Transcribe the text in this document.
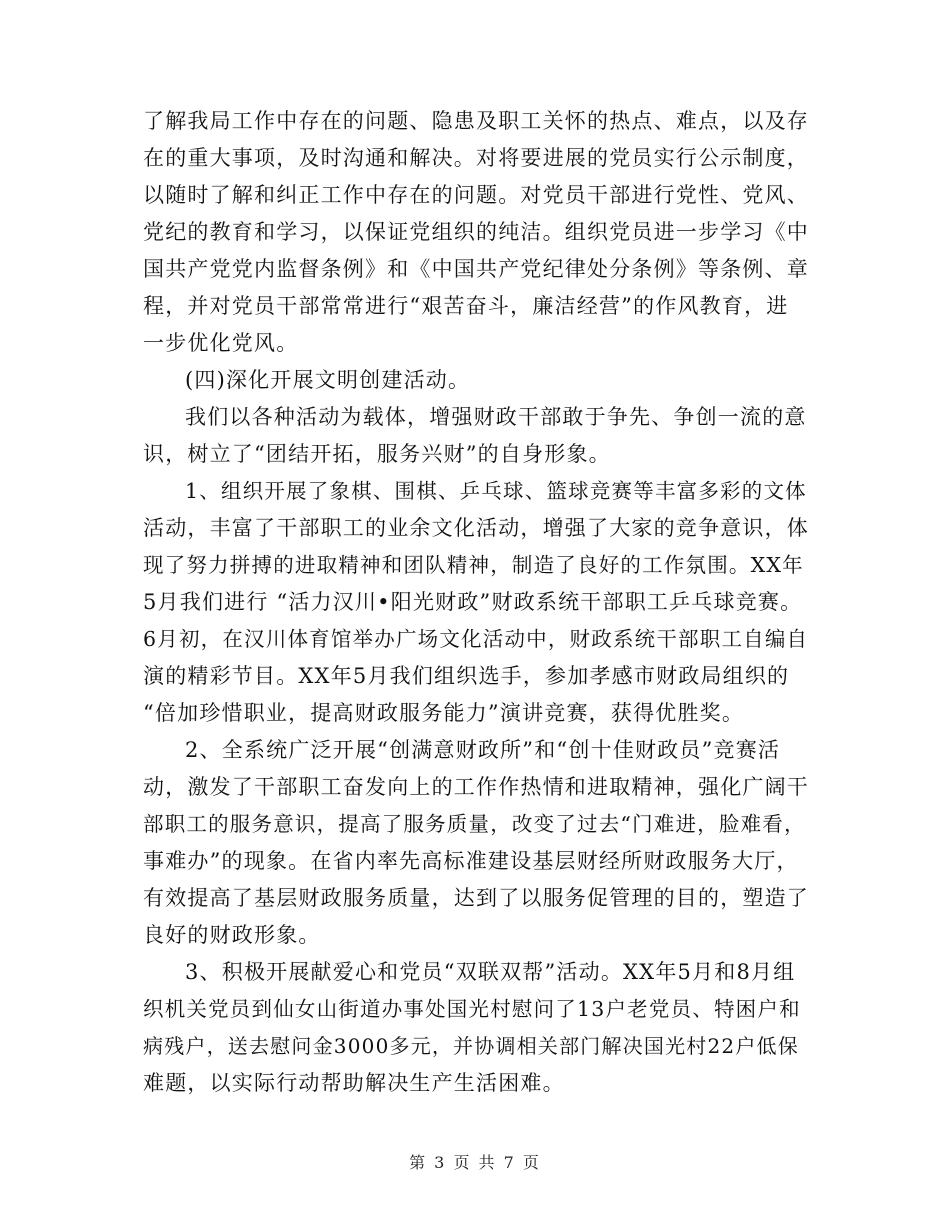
了解我局工作中存在的问题、隐患及职工关怀的热点、难点，以及存
在的重大事项，及时沟通和解决。对将要进展的党员实行公示制度，
以随时了解和纠正工作中存在的问题。对党员干部进行党性、党风、
党纪的教育和学习，以保证党组织的纯洁。组织党员进一步学习《中
国共产党党内监督条例》和《中国共产党纪律处分条例》等条例、章
程，并对党员干部常常进行“艰苦奋斗，廉洁经营”的作风教育，进
一步优化党风。
(四)深化开展文明创建活动。
我们以各种活动为载体，增强财政干部敢于争先、争创一流的意
识，树立了“团结开拓，服务兴财”的自身形象。
1、组织开展了象棋、围棋、乒乓球、篮球竞赛等丰富多彩的文体
活动，丰富了干部职工的业余文化活动，增强了大家的竞争意识，体
现了努力拼搏的进取精神和团队精神，制造了良好的工作氛围。XX年
5月我们进行 “活力汉川•阳光财政”财政系统干部职工乒乓球竞赛。
6月初，在汉川体育馆举办广场文化活动中，财政系统干部职工自编自
演的精彩节目。XX年5月我们组织选手，参加孝感市财政局组织的
“倍加珍惜职业，提高财政服务能力”演讲竞赛，获得优胜奖。
2、全系统广泛开展“创满意财政所”和“创十佳财政员”竞赛活
动，激发了干部职工奋发向上的工作作热情和进取精神，强化广阔干
部职工的服务意识，提高了服务质量，改变了过去“门难进，脸难看，
事难办”的现象。在省内率先高标准建设基层财经所财政服务大厅，
有效提高了基层财政服务质量，达到了以服务促管理的目的，塑造了
良好的财政形象。
3、积极开展献爱心和党员“双联双帮”活动。XX年5月和8月组
织机关党员到仙女山街道办事处国光村慰问了13户老党员、特困户和
病残户，送去慰问金3000多元，并协调相关部门解决国光村22户低保
难题，以实际行动帮助解决生产生活困难。
第 3 页 共 7 页
